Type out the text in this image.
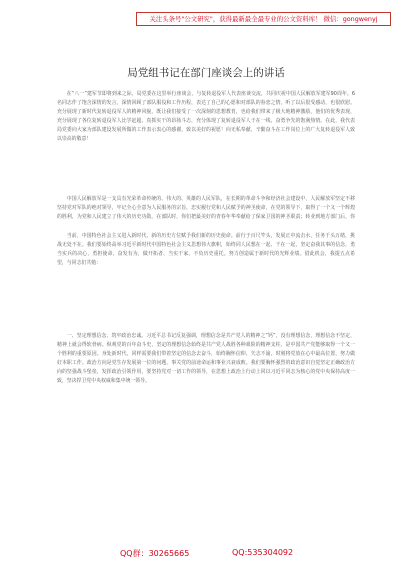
关注头条号"公文研究"，获得最新最全最专业的公文资料库！ 微信：gongwenyj
局党组书记在部门座谈会上的讲话

在“八一”建军节即将到来之际，局党委在这里举行座谈会，与复转退役军人代表座谈交流，共同庆祝中国人民解放军建军90周年。6名同志作了饱含深情的发言，深情回顾了部队服役和工作历程，表达了自己的心愿和对部队的眷恋之情，听了以后很受感动，也很欣慰。充分展现了新时代复转退役军人的精神风貌，既让我们接受了一次深刻的思想教育，也给我们带来了极大地精神激励，他们的优秀表现，充分展现了各位复转退役军人比学赶超、真抓实干的昂扬斗志，充分体现了复转退役军人干在一线、奋勇争先的饱满热情。在此，我代表局党委向大家为部队建设发展所做的工作表示衷心的感谢，致以美好的祝愿！向无私奉献、辛勤奋斗在工作岗位上的广大复转退役军人致以崇高的敬意！

中国人民解放军是一支具有光荣革命传统的、伟大的、英雄的人民军队，在长期的革命斗争和经济社会建设中，人民解放军坚定不移坚持党对军队的绝对领导，牢记全心全意为人民服务的宗旨，忠实履行党和人民赋予的神圣使命，在党的领导下，取得了一个又一个辉煌的胜利，为党和人民建立了伟大的历史功勋。在部队时，你们把最美好的青春年华奉献给了保家卫国的神圣职责；转业到地方部门后，你

当前，中国特色社会主义进入新时代，新的历史方位赋予我们新的历史使命。前行于百尺竿头，发展正中流击水，任务千头万绪，挑战无处不在。我们要始终高举习近平新时代中国特色社会主义思想伟大旗帜，始终同人民想在一起、干在一起，坚定奋我其事的信念，勇当实兵的决心，勇担使命、奋发有为，做开拓者、当实干家，不负历史重托。努力创造属于新时代的光辉业绩。借此机会，我提五点希望，与同志们共勉：

一、坚定理想信念，筑牢政治忠诚。习近平总书记反复强调，理想信念是共产党人的精神之“钙”，没有理想信念，理想信念不坚定，精神上就会得软骨病。纵观党的百年奋斗史，坚定的理想信念始终是共产党人战胜各种艰险的精神支柱，是中国共产党能够取得一个又一个胜利的重要原因。身处新时代，同样需要我们带着坚定的信念去奋斗，始终胸怀信仰、矢志不渝，时刻将党放在心中最高位置，努力做好本职工作。政治方向是党生存发展第一位的问题，事关党的前途命运和事业兴衰成败。我们要胸怀强烈的政治意识自觉坚定正确政治方向的坚强战斗堡垒，发挥政治引领作用，要坚持党对一切工作的领导，在思想上政治上行动上同以习近平同志为核心的党中央保持高度一致，坚决捍卫党中央权威和集中统一领导。

QQ群：30265665	QQ:535304092
